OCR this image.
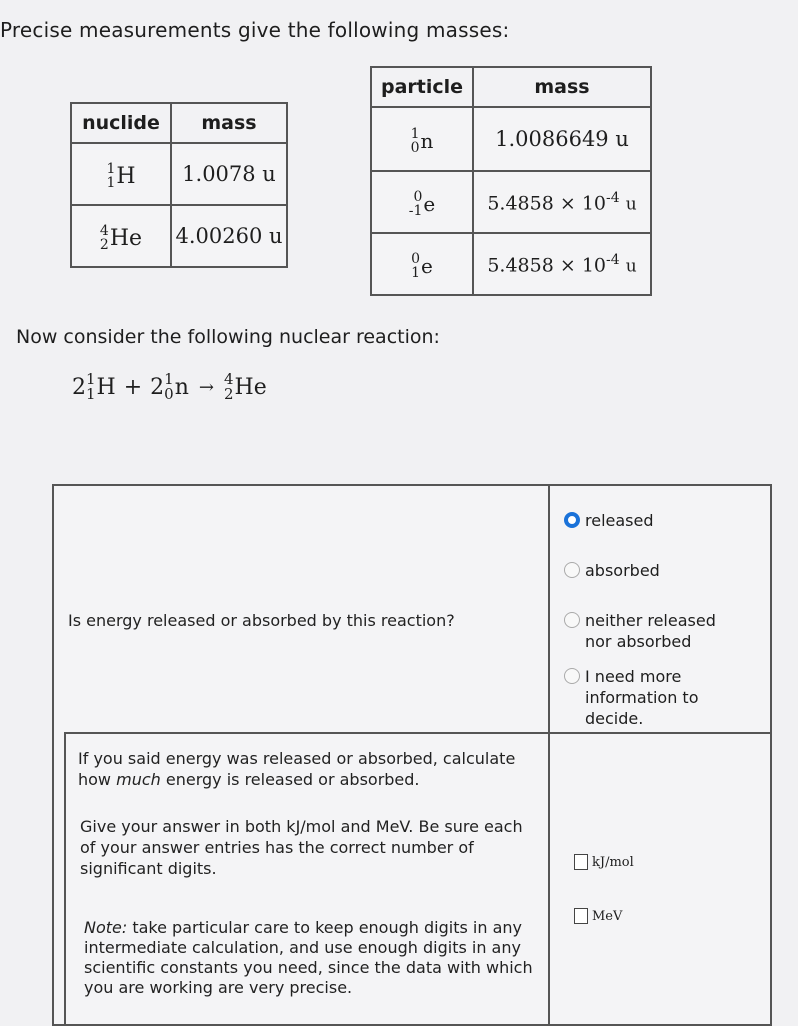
Precise measurements give the following masses:
nuclide	mass

1
1 H	1.0078 u

4
2 He	4.00260 u
particle	mass

1
0 n	1.0086649 u

0
-1 e	$5.4858 \times 10^{-4}$ u

0
1 e	$5.4858 \times 10^{-4}$ u
Now consider the following nuclear reaction:
2 1
1 H + 2 1
0 n → 4
2 He
Is energy released or absorbed by this reaction?
released
absorbed
neither released nor absorbed
I need more information to decide.
If you said energy was released or absorbed, calculate how much energy is released or absorbed.
Give your answer in both kJ/mol and MeV. Be sure each of your answer entries has the correct number of significant digits.
Note: take particular care to keep enough digits in any intermediate calculation, and use enough digits in any scientific constants you need, since the data with which you are working are very precise.
kJ/mol
MeV
